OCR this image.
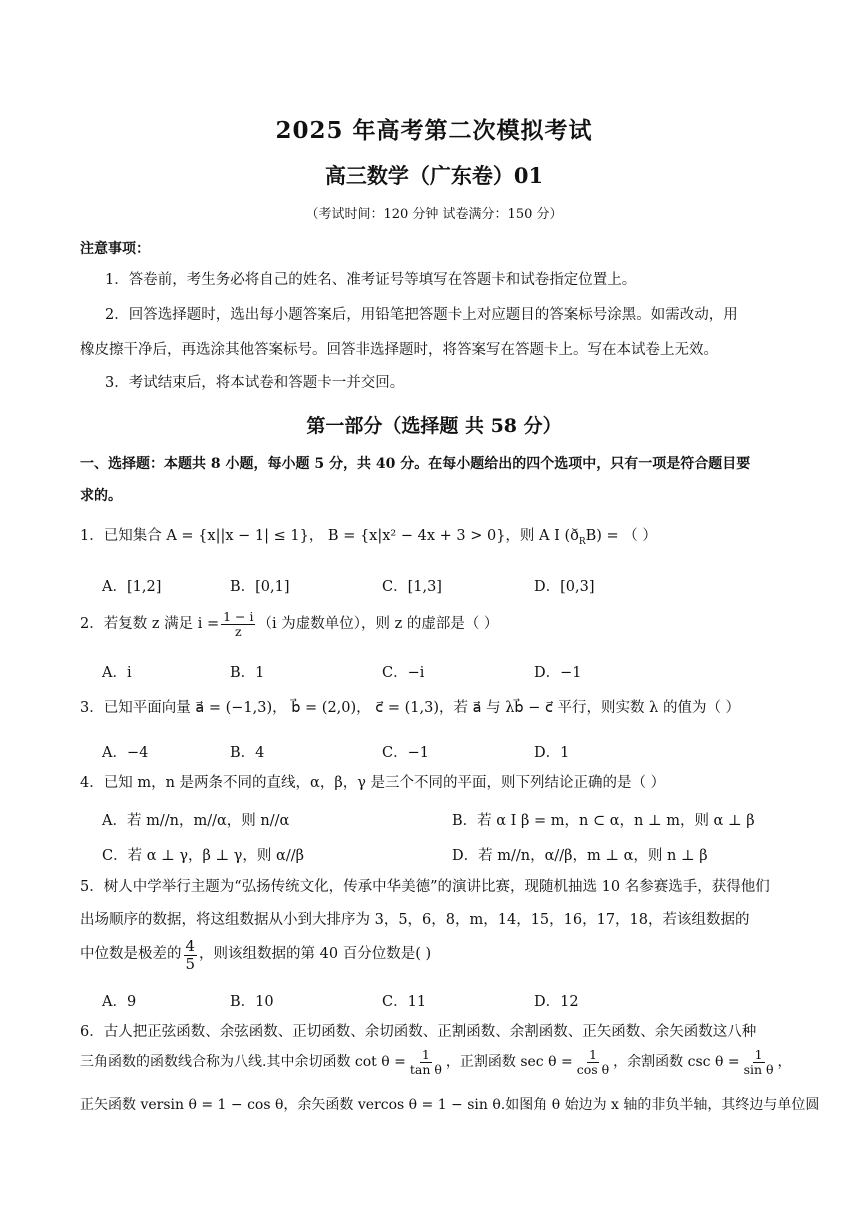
2025 年高考第二次模拟考试
高三数学（广东卷）01
（考试时间：120 分钟 试卷满分：150 分）
注意事项：
1．答卷前，考生务必将自己的姓名、准考证号等填写在答题卡和试卷指定位置上。
2．回答选择题时，选出每小题答案后，用铅笔把答题卡上对应题目的答案标号涂黑。如需改动，用
橡皮擦干净后，再选涂其他答案标号。回答非选择题时，将答案写在答题卡上。写在本试卷上无效。
3．考试结束后，将本试卷和答题卡一并交回。
第一部分（选择题 共 58 分）
一、选择题：本题共 8 小题，每小题 5 分，共 40 分。在每小题给出的四个选项中，只有一项是符合题目要
求的。
1．已知集合 A = {x||x − 1| ≤ 1}， B = {x|x² − 4x + 3 > 0}，则 A I $(ð_RB)$ = （ ）
A．[1,2]	B．[0,1]	C．[1,3]	D．[0,3]
2．若复数 z 满足 $i = \frac{1 - i}{z} (i$ 为虚数单位），则 z 的虚部是（ ）
A．i	B．1	C．−i	D．−1
3．已知平面向量 a⃗ = (−1,3)， b⃗ = (2,0)， c⃗ = (1,3)，若 a⃗ 与 λb⃗ − c⃗ 平行，则实数 λ 的值为（ ）
A．−4	B．4	C．−1	D．1
4．已知 m，n 是两条不同的直线，α，β，γ 是三个不同的平面，则下列结论正确的是（ ）
A．若 m//n，m//α，则 n//α	B．若 α I β = m，n ⊂ α，n ⊥ m，则 α ⊥ β
C．若 α ⊥ γ，β ⊥ γ，则 α//β	D．若 m//n，α//β，m ⊥ α，则 n ⊥ β
5．树人中学举行主题为“弘扬传统文化，传承中华美德”的演讲比赛，现随机抽选 10 名参赛选手，获得他们
出场顺序的数据，将这组数据从小到大排序为 3，5，6，8，m，14，15，16，17，18，若该组数据的
中位数是极差的 $\frac{4}{5}$ ，则该组数据的第 40 百分位数是( )
A．9	B．10	C．11	D．12
6．古人把正弦函数、余弦函数、正切函数、余切函数、正割函数、余割函数、正矢函数、余矢函数这八种
三角函数的函数线合称为八线.其中余切函数 $\cot \theta = \frac{1}{\text{tan θ}}$ ，正割函数 $\sec \theta = \frac{1}{\text{cos θ}}$ ，余割函数 $\csc \theta = \frac{1}{\text{sin θ}}$ ，
正矢函数 versin θ = 1 − cos θ，余矢函数 vercos θ = 1 − sin θ.如图角 θ 始边为 x 轴的非负半轴，其终边与单位圆
